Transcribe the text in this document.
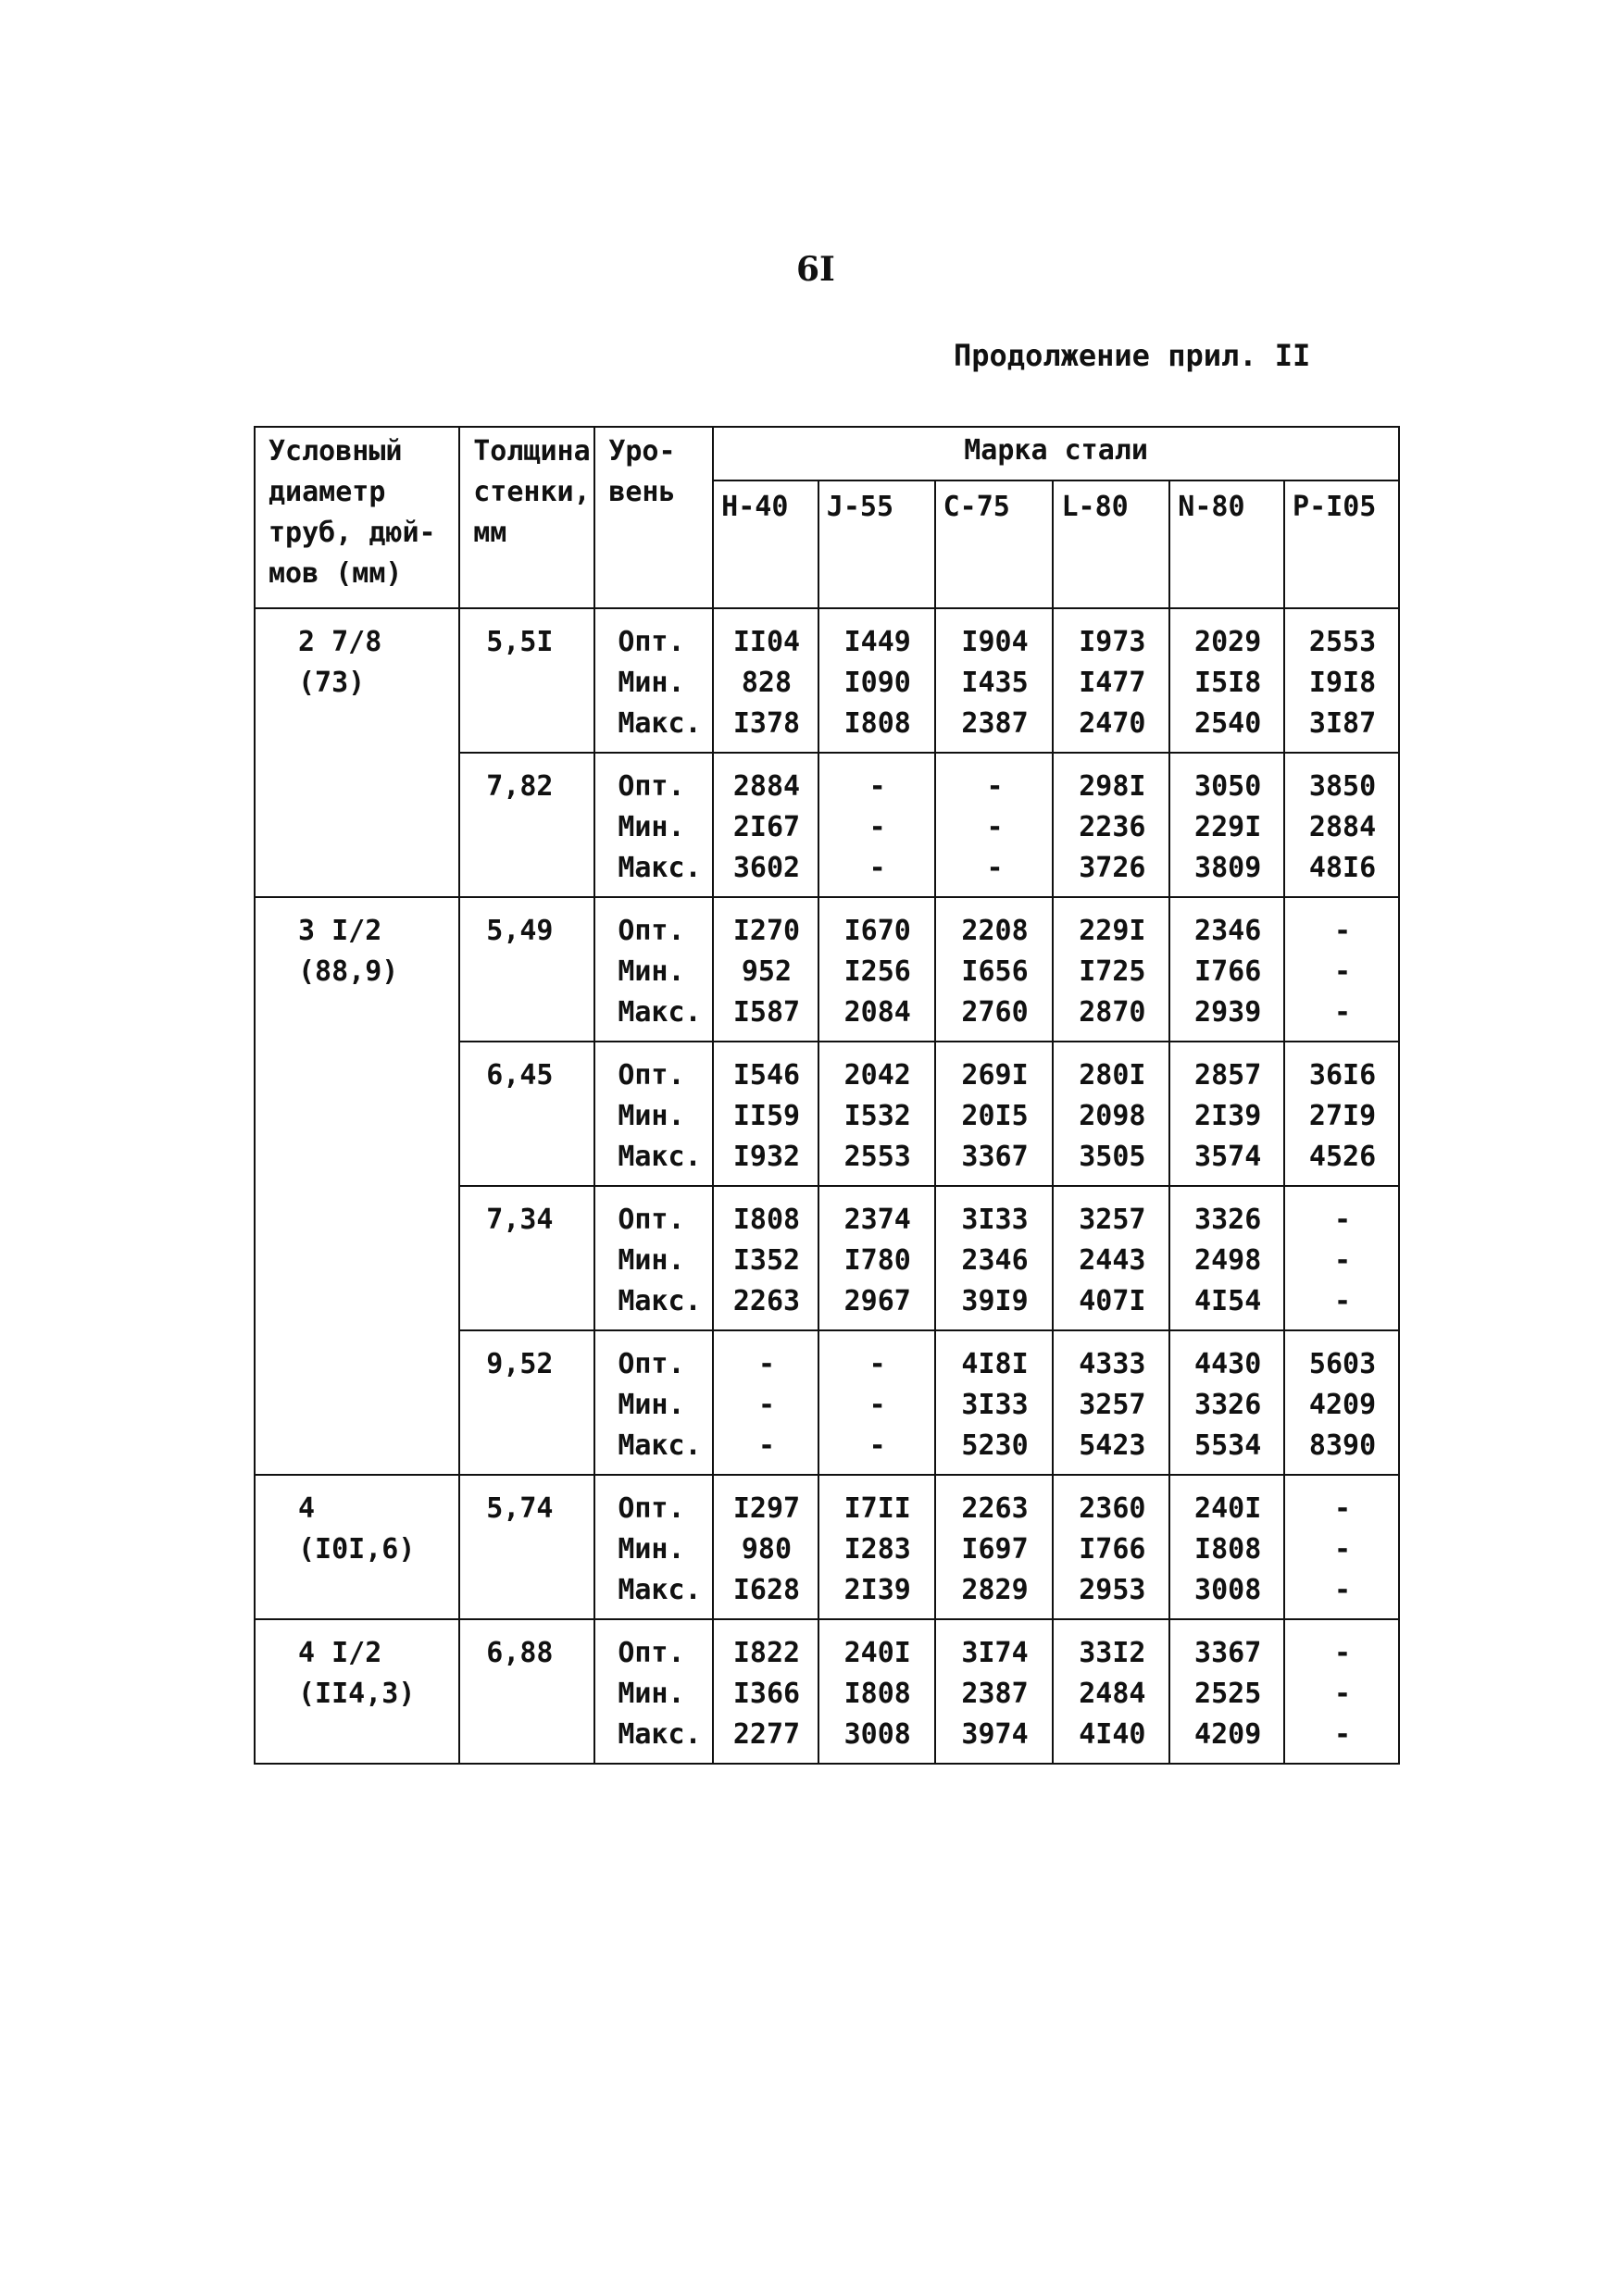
6I
Продолжение прил. II
Условный
диаметр
труб, дюй-
мов (мм)	Толщина
стенки,
мм	Уро-
вень	Марка стали					

			H-40	J-55	C-75	L-80	N-80	P-I05

2 7/8
(73)	5,5I	Опт.
Мин.
Макс.	II04
828
I378	I449
I090
I808	I904
I435
2387	I973
I477
2470	2029
I5I8
2540	2553
I9I8
3I87

	7,82	Опт.
Мин.
Макс.	2884
2I67
3602	-
-
-	-
-
-	298I
2236
3726	3050
229I
3809	3850
2884
48I6

3 I/2
(88,9)	5,49	Опт.
Мин.
Макс.	I270
952
I587	I670
I256
2084	2208
I656
2760	229I
I725
2870	2346
I766
2939	-
-
-

	6,45	Опт.
Мин.
Макс.	I546
II59
I932	2042
I532
2553	269I
20I5
3367	280I
2098
3505	2857
2I39
3574	36I6
27I9
4526

	7,34	Опт.
Мин.
Макс.	I808
I352
2263	2374
I780
2967	3I33
2346
39I9	3257
2443
407I	3326
2498
4I54	-
-
-

	9,52	Опт.
Мин.
Макс.	-
-
-	-
-
-	4I8I
3I33
5230	4333
3257
5423	4430
3326
5534	5603
4209
8390

4
(I0I,6)	5,74	Опт.
Мин.
Макс.	I297
980
I628	I7II
I283
2I39	2263
I697
2829	2360
I766
2953	240I
I808
3008	-
-
-

4 I/2
(II4,3)	6,88	Опт.
Мин.
Макс.	I822
I366
2277	240I
I808
3008	3I74
2387
3974	33I2
2484
4I40	3367
2525
4209	-
-
-
